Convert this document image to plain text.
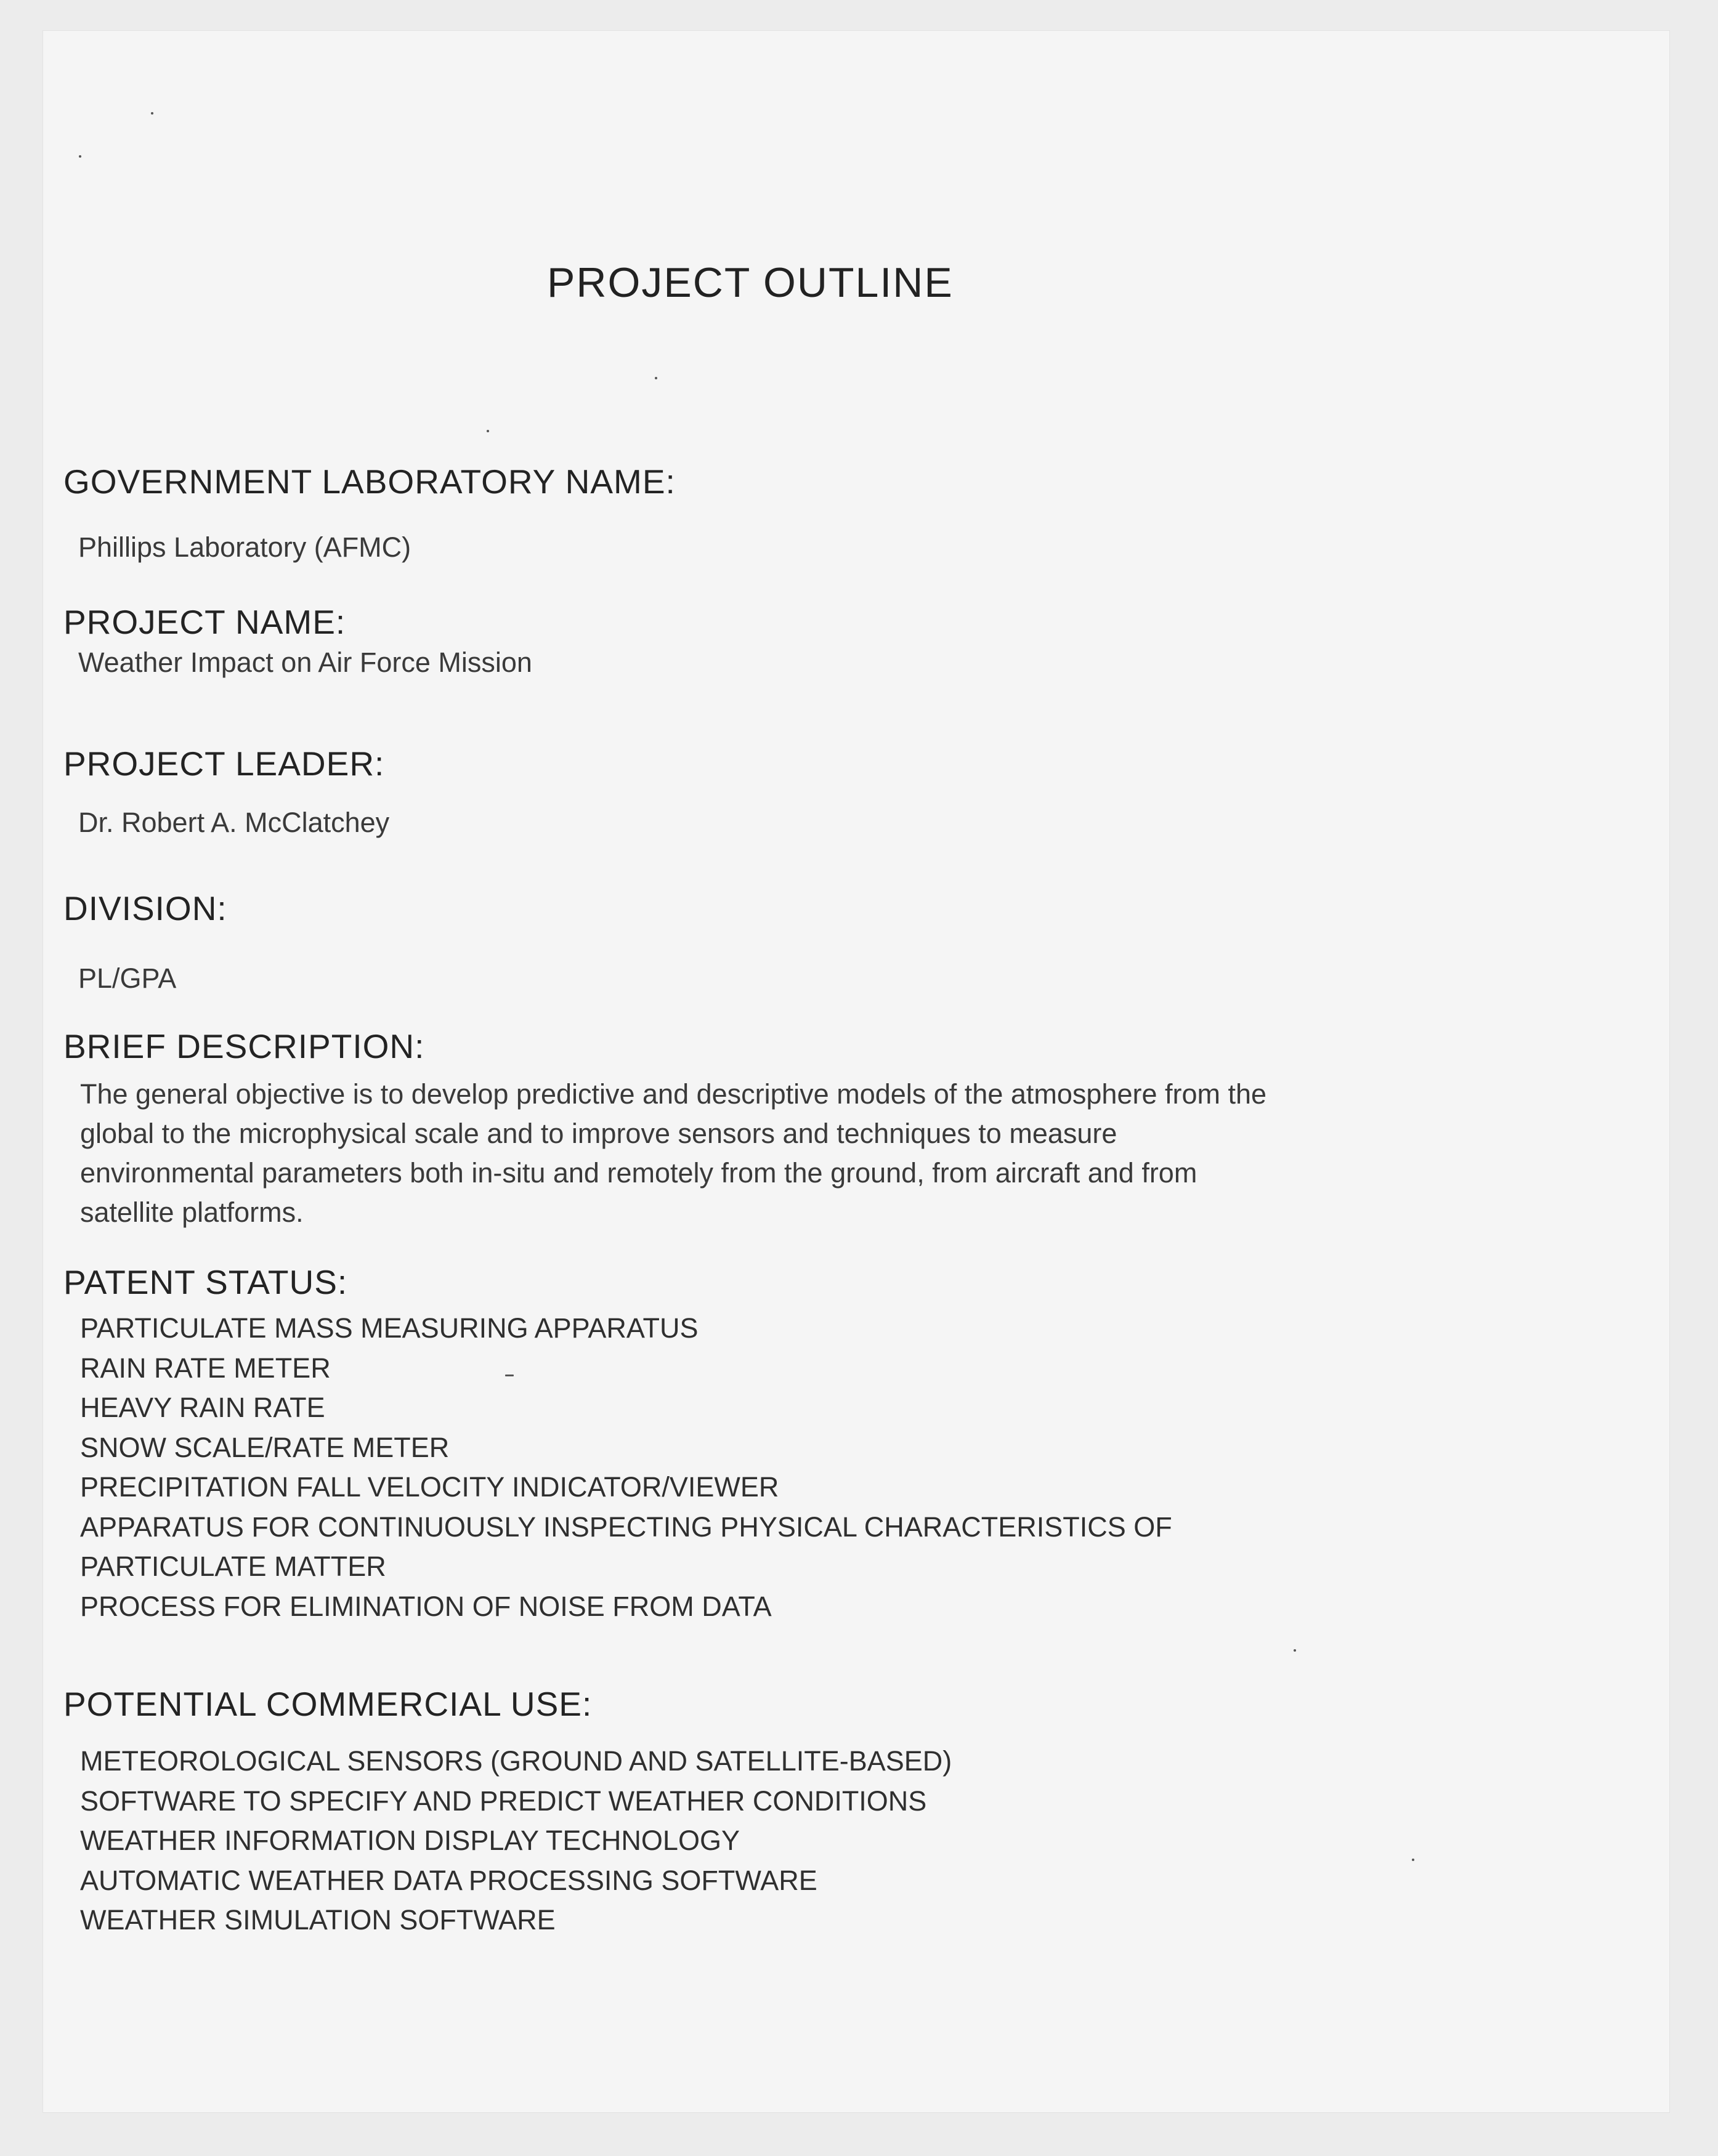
PROJECT OUTLINE
GOVERNMENT LABORATORY NAME:
Phillips Laboratory (AFMC)
PROJECT NAME:
Weather Impact on Air Force Mission
PROJECT LEADER:
Dr. Robert A. McClatchey
DIVISION:
PL/GPA
BRIEF DESCRIPTION:
The general objective is to develop predictive and descriptive models of the atmosphere from the
global to the microphysical scale and to improve sensors and techniques to measure
environmental parameters both in-situ and remotely from the ground, from aircraft and from
satellite platforms.
PATENT STATUS:
PARTICULATE MASS MEASURING APPARATUS
RAIN RATE METER
HEAVY RAIN RATE
SNOW SCALE/RATE METER
PRECIPITATION FALL VELOCITY INDICATOR/VIEWER
APPARATUS FOR CONTINUOUSLY INSPECTING PHYSICAL CHARACTERISTICS OF
PARTICULATE MATTER
PROCESS FOR ELIMINATION OF NOISE FROM DATA
POTENTIAL COMMERCIAL USE:
METEOROLOGICAL SENSORS (GROUND AND SATELLITE-BASED)
SOFTWARE TO SPECIFY AND PREDICT WEATHER CONDITIONS
WEATHER INFORMATION DISPLAY TECHNOLOGY
AUTOMATIC WEATHER DATA PROCESSING SOFTWARE
WEATHER SIMULATION SOFTWARE
